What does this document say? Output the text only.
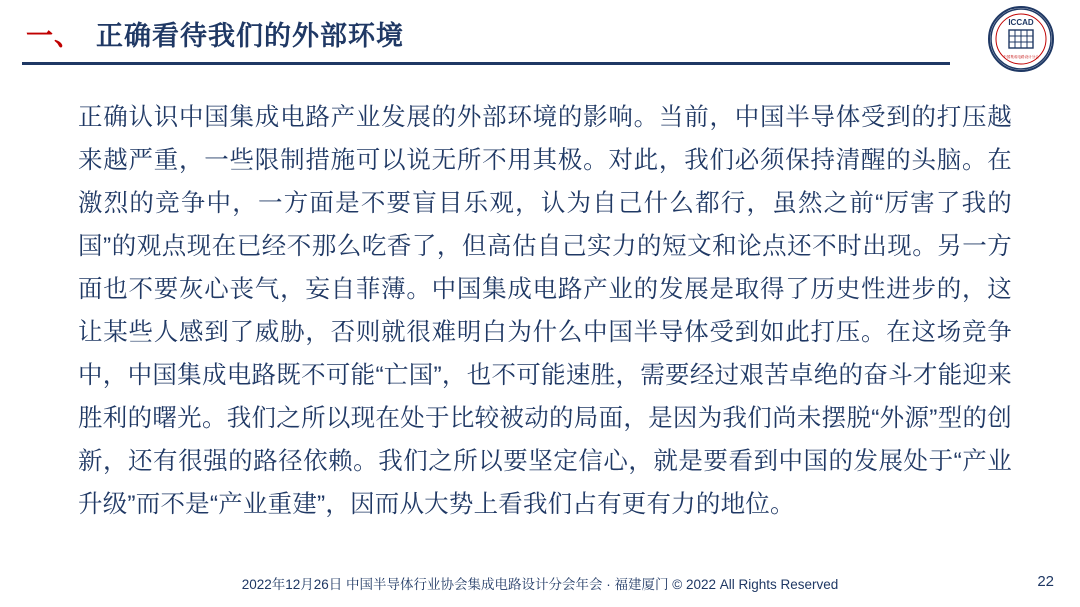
一、 正确看待我们的外部环境	ICCAD
中国集成电路设计分会
正确认识中国集成电路产业发展的外部环境的影响。当前，中国半导体受到的打压越来越严重，一些限制措施可以说无所不用其极。对此，我们必须保持清醒的头脑。在激烈的竞争中，一方面是不要盲目乐观，认为自己什么都行，虽然之前“厉害了我的国”的观点现在已经不那么吃香了，但高估自己实力的短文和论点还不时出现。另一方面也不要灰心丧气，妄自菲薄。中国集成电路产业的发展是取得了历史性进步的，这让某些人感到了威胁，否则就很难明白为什么中国半导体受到如此打压。在这场竞争中，中国集成电路既不可能“亡国”，也不可能速胜，需要经过艰苦卓绝的奋斗才能迎来胜利的曙光。我们之所以现在处于比较被动的局面，是因为我们尚未摆脱“外源”型的创新，还有很强的路径依赖。我们之所以要坚定信心，就是要看到中国的发展处于“产业升级”而不是“产业重建”，因而从大势上看我们占有更有力的地位。
2022年12月26日 中国半导体行业协会集成电路设计分会年会 · 福建厦门 © 2022 All Rights Reserved	22
